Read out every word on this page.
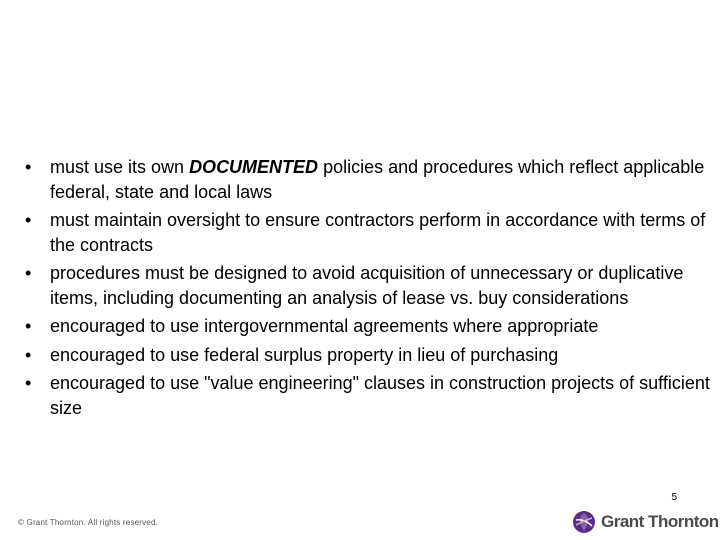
• must use its own DOCUMENTED policies and procedures which reflect applicable federal, state and local laws
• must maintain oversight to ensure contractors perform in accordance with terms of the contracts
• procedures must be designed to avoid acquisition of unnecessary or duplicative items, including documenting an analysis of lease vs. buy considerations
• encouraged to use intergovernmental agreements where appropriate
• encouraged to use federal surplus property in lieu of purchasing
• encouraged to use "value engineering" clauses in construction projects of sufficient size
5
© Grant Thornton. All rights reserved.	Grant Thornton
